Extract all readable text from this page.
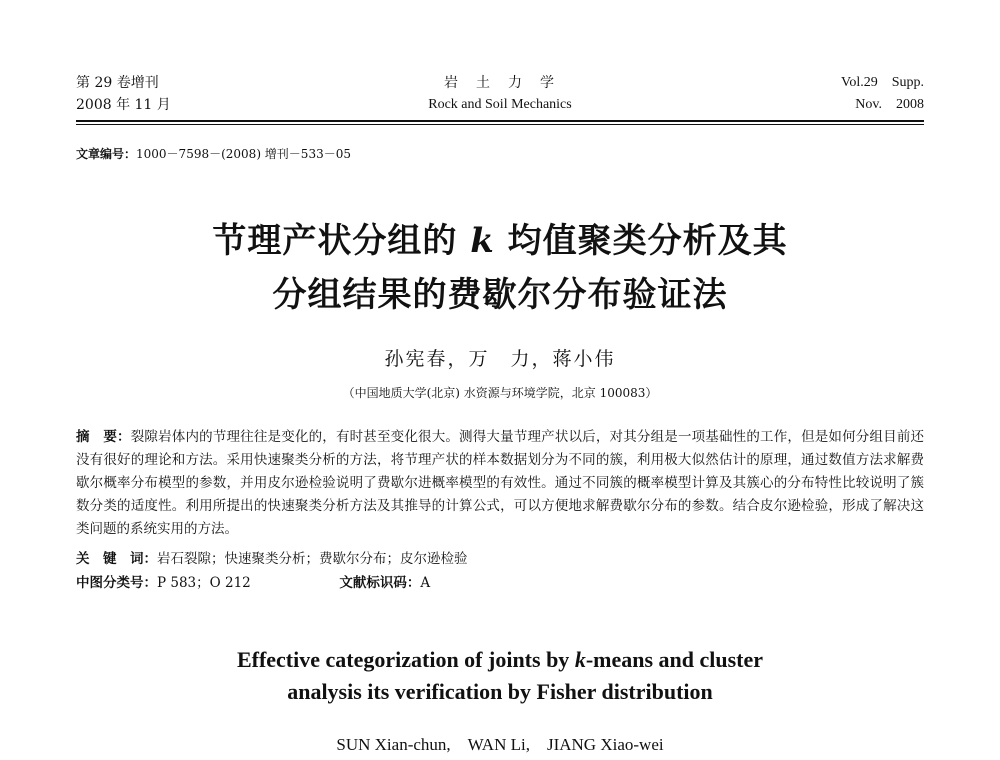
第 29 卷增刊
2008 年 11 月
岩　土　力　学
Rock and Soil Mechanics
Vol.29　Supp.
Nov.　2008
文章编号：1000－7598－(2008) 增刊－533－05
节理产状分组的 k 均值聚类分析及其
分组结果的费歇尔分布验证法
孙宪春，万　力，蒋小伟
（中国地质大学(北京) 水资源与环境学院，北京 100083）
摘　要：裂隙岩体内的节理往往是变化的，有时甚至变化很大。测得大量节理产状以后，对其分组是一项基础性的工作，但是如何分组目前还没有很好的理论和方法。采用快速聚类分析的方法，将节理产状的样本数据划分为不同的簇，利用极大似然估计的原理，通过数值方法求解费歇尔概率分布模型的参数，并用皮尔逊检验说明了费歇尔进概率模型的有效性。通过不同簇的概率模型计算及其簇心的分布特性比较说明了簇数分类的适度性。利用所提出的快速聚类分析方法及其推导的计算公式，可以方便地求解费歇尔分布的参数。结合皮尔逊检验，形成了解决这类问题的系统实用的方法。
关　键　词：岩石裂隙；快速聚类分析；费歇尔分布；皮尔逊检验
中图分类号：P 583；O 212	文献标识码：A
Effective categorization of joints by k-means and cluster
analysis its verification by Fisher distribution
SUN Xian-chun,　WAN Li,　JIANG Xiao-wei
